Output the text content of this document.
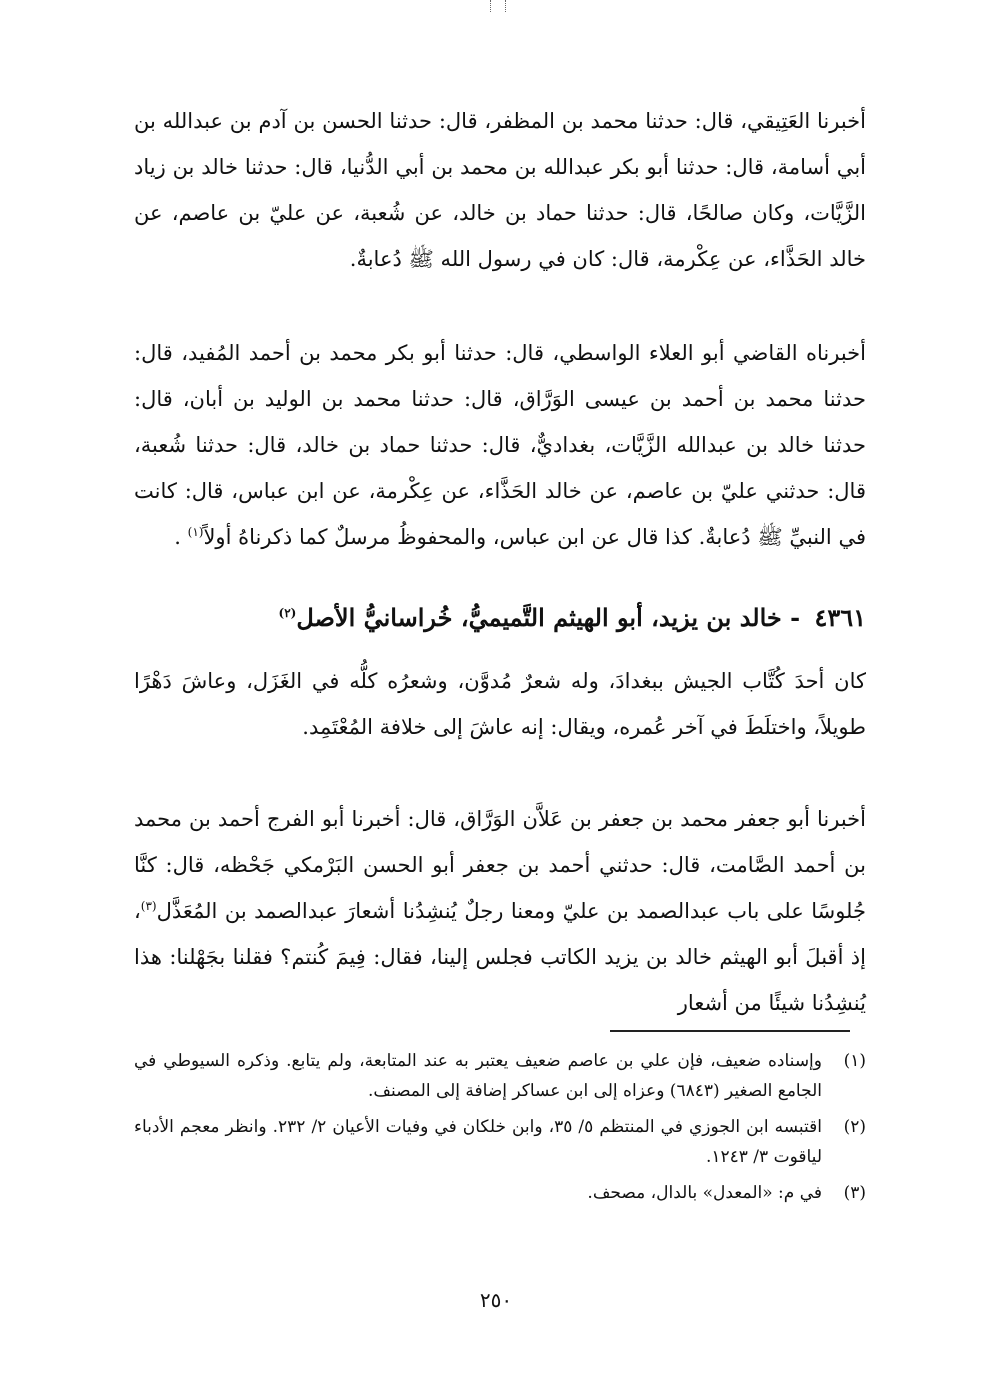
أخبرنا العَتِيقي، قال: حدثنا محمد بن المظفر، قال: حدثنا الحسن بن آدم بن عبدالله بن أبي أسامة، قال: حدثنا أبو بكر عبدالله بن محمد بن أبي الدُّنيا، قال: حدثنا خالد بن زياد الزَّيَّات، وكان صالحًا، قال: حدثنا حماد بن خالد، عن شُعبة، عن عليّ بن عاصم، عن خالد الحَذَّاء، عن عِكْرمة، قال: كان في رسول الله ﷺ دُعابةٌ.

أخبرناه القاضي أبو العلاء الواسطي، قال: حدثنا أبو بكر محمد بن أحمد المُفيد، قال: حدثنا محمد بن أحمد بن عيسى الوَرَّاق، قال: حدثنا محمد بن الوليد بن أبان، قال: حدثنا خالد بن عبدالله الزَّيَّات، بغداديٌّ، قال: حدثنا حماد بن خالد، قال: حدثنا شُعبة، قال: حدثني عليّ بن عاصم، عن خالد الحَذَّاء، عن عِكْرمة، عن ابن عباس، قال: كانت في النبيِّ ﷺ دُعابةٌ. كذا قال عن ابن عباس، والمحفوظُ مرسلٌ كما ذكرناهُ أولاً$^{(١)}$ .

٤٣٦١ - خالد بن يزيد، أبو الهيثم التَّميميُّ، خُراسانيُّ الأصل$^{(٢)}$

كان أحدَ كُتَّاب الجيش ببغدادَ، وله شعرٌ مُدوَّن، وشعرُه كلُّه في الغَزَل، وعاشَ دَهْرًا طويلاً، واختلَطَ في آخر عُمره، ويقال: إنه عاشَ إلى خلافة المُعْتَمِد.

أخبرنا أبو جعفر محمد بن جعفر بن عَلاَّن الوَرَّاق، قال: أخبرنا أبو الفرج أحمد بن محمد بن أحمد الصَّامت، قال: حدثني أحمد بن جعفر أبو الحسن البَرْمكي جَحْظه، قال: كنَّا جُلوسًا على باب عبدالصمد بن عليّ ومعنا رجلٌ يُنشِدُنا أشعارَ عبدالصمد بن المُعَذَّل$^{(٣)}$، إذ أقبلَ أبو الهيثم خالد بن يزيد الكاتب فجلس إلينا، فقال: فِيمَ كُنتم؟ فقلنا بجَهْلنا: هذا يُنشِدُنا شيئًا من أشعار

(١)
وإسناده ضعيف، فإن علي بن عاصم ضعيف يعتبر به عند المتابعة، ولم يتابع. وذكره السيوطي في الجامع الصغير (٦٨٤٣) وعزاه إلى ابن عساكر إضافة إلى المصنف.
(٢)
اقتبسه ابن الجوزي في المنتظم ٥/ ٣٥، وابن خلكان في وفيات الأعيان ٢/ ٢٣٢. وانظر معجم الأدباء لياقوت ٣/ ١٢٤٣.
(٣)
في م: «المعدل» بالدال، مصحف.
٢٥٠
